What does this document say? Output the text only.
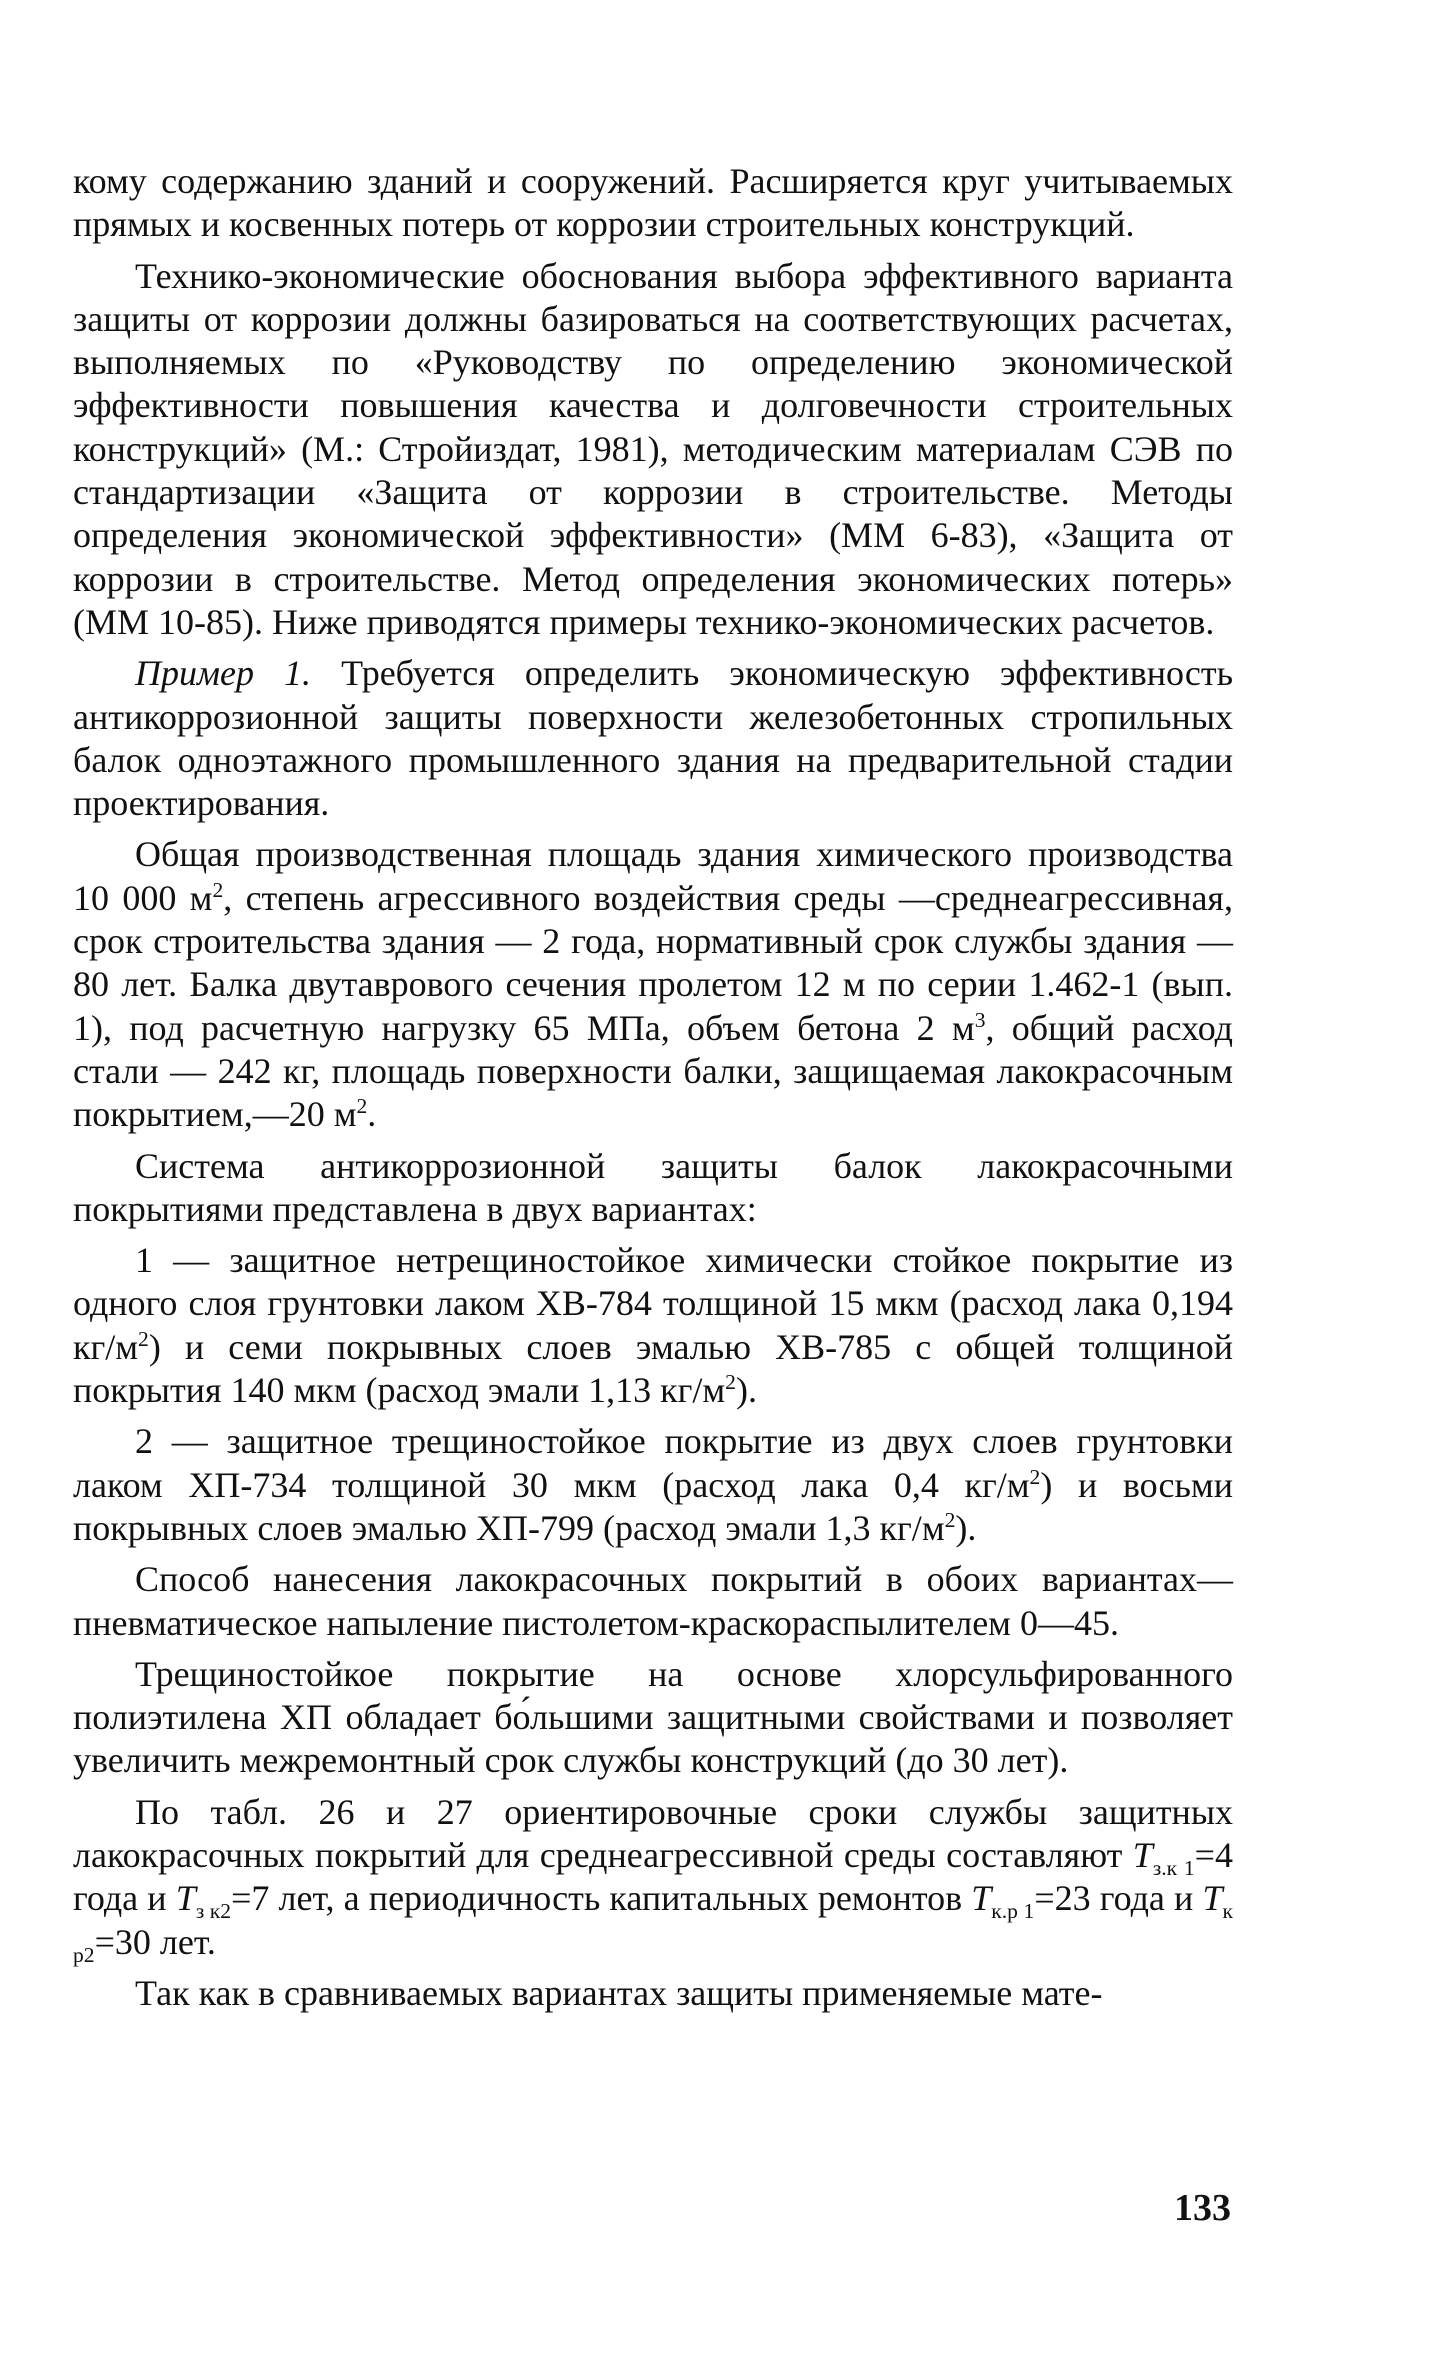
кому содержанию зданий и сооружений. Расширяется круг учитываемых прямых и косвенных потерь от коррозии строительных конструкций.

Технико-экономические обоснования выбора эффективного варианта защиты от коррозии должны базироваться на соответствующих расчетах, выполняемых по «Руководству по определению экономической эффективности повышения качества и долговечности строительных конструкций» (М.: Стройиздат, 1981), методическим материалам СЭВ по стандартизации «Защита от коррозии в строительстве. Методы определения экономической эффективности» (ММ 6-83), «Защита от коррозии в строительстве. Метод определения экономических потерь» (ММ 10-85). Ниже приводятся примеры технико-экономических расчетов.

Пример 1. Требуется определить экономическую эффективность антикоррозионной защиты поверхности железобетонных стропильных балок одноэтажного промышленного здания на предварительной стадии проектирования.

Общая производственная площадь здания химического производства 10 000 $м^2$, степень агрессивного воздействия среды —среднеагрессивная, срок строительства здания — 2 года, нормативный срок службы здания — 80 лет. Балка двутаврового сечения пролетом 12 м по серии 1.462-1 (вып. 1), под расчетную нагрузку 65 МПа, объем бетона 2 $м^3$, общий расход стали — 242 кг, площадь поверхности балки, защищаемая лакокрасочным покрытием,—20 $м^2$.

Система антикоррозионной защиты балок лакокрасочными покрытиями представлена в двух вариантах:

1 — защитное нетрещиностойкое химически стойкое покрытие из одного слоя грунтовки лаком ХВ-784 толщиной 15 мкм (расход лака 0,194 $кг/м^2$) и семи покрывных слоев эмалью ХВ-785 с общей толщиной покрытия 140 мкм (расход эмали 1,13 $кг/м^2$).

2 — защитное трещиностойкое покрытие из двух слоев грунтовки лаком ХП-734 толщиной 30 мкм (расход лака 0,4 $кг/м^2$) и восьми покрывных слоев эмалью ХП-799 (расход эмали 1,3 $кг/м^2$).

Способ нанесения лакокрасочных покрытий в обоих вариантах— пневматическое напыление пистолетом-краскораспылителем 0—45.

Трещиностойкое покрытие на основе хлорсульфированного полиэтилена ХП обладает бо́льшими защитными свойствами и позволяет увеличить межремонтный срок службы конструкций (до 30 лет).

По табл. 26 и 27 ориентировочные сроки службы защитных лакокрасочных покрытий для среднеагрессивной среды составляют $T_{з.к 1}=4$ года и $T_{з к2}=7$ лет, а периодичность капитальных ремонтов $T_{к.р 1}=23$ года и $T_{к р2}=30$ лет.

Так как в сравниваемых вариантах защиты применяемые мате-

133
